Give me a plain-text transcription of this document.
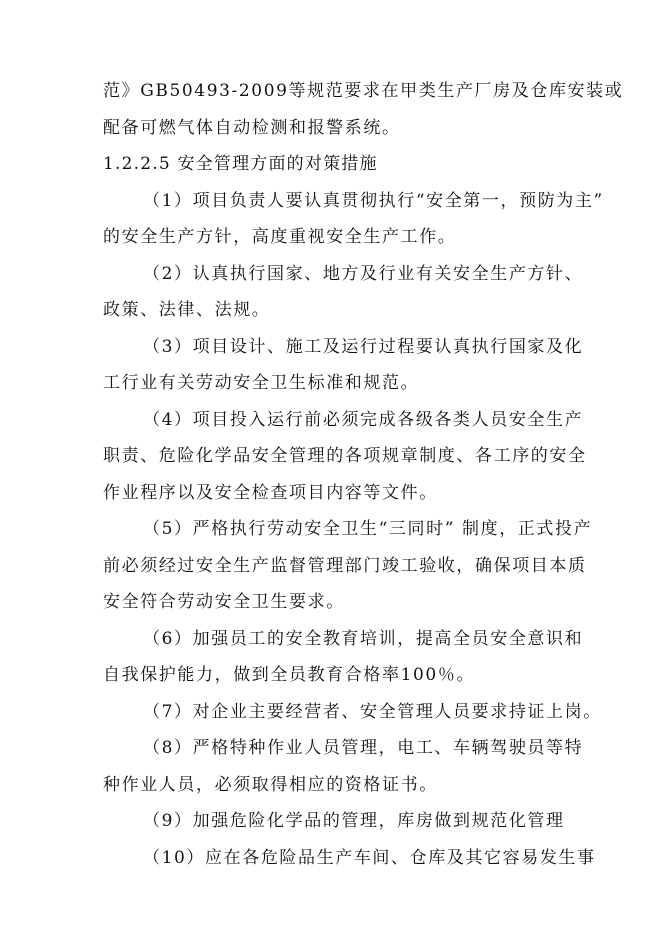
范》GB50493-2009等规范要求在甲类生产厂房及仓库安装或
配备可燃气体自动检测和报警系统。
1.2.2.5 安全管理方面的对策措施
（1）项目负责人要认真贯彻执行“安全第一，预防为主”
的安全生产方针，高度重视安全生产工作。
（2）认真执行国家、地方及行业有关安全生产方针、
政策、法律、法规。
（3）项目设计、施工及运行过程要认真执行国家及化
工行业有关劳动安全卫生标准和规范。
（4）项目投入运行前必须完成各级各类人员安全生产
职责、危险化学品安全管理的各项规章制度、各工序的安全
作业程序以及安全检查项目内容等文件。
（5）严格执行劳动安全卫生“三同时” 制度，正式投产
前必须经过安全生产监督管理部门竣工验收，确保项目本质
安全符合劳动安全卫生要求。
（6）加强员工的安全教育培训，提高全员安全意识和
自我保护能力，做到全员教育合格率100％。
（7）对企业主要经营者、安全管理人员要求持证上岗。
（8）严格特种作业人员管理，电工、车辆驾驶员等特
种作业人员，必须取得相应的资格证书。
（9）加强危险化学品的管理，库房做到规范化管理
（10）应在各危险品生产车间、仓库及其它容易发生事
